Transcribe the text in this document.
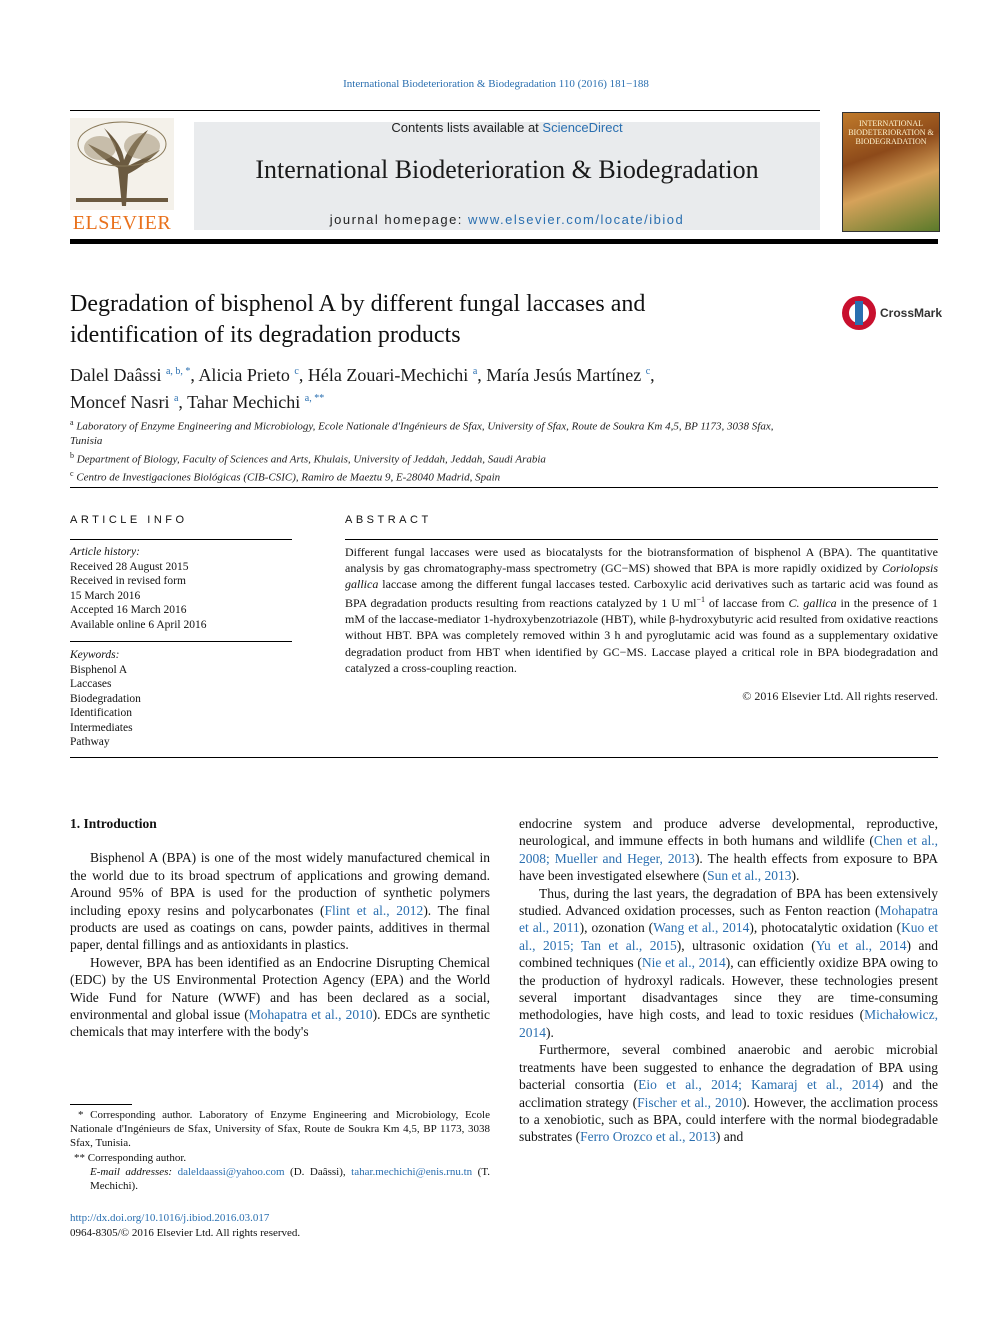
International Biodeterioration & Biodegradation 110 (2016) 181−188
ELSEVIER
Contents lists available at ScienceDirect
International Biodeterioration & Biodegradation
journal homepage: www.elsevier.com/locate/ibiod
INTERNATIONAL BIODETERIORATION & BIODEGRADATION
Degradation of bisphenol A by different fungal laccases and
identification of its degradation products
CrossMark
Dalel Daâssi $^{a, b, *}$, Alicia Prieto $^c$, Héla Zouari-Mechichi $^a$, María Jesús Martínez $^c$,
Moncef Nasri $^a$, Tahar Mechichi $^{a, **}$
$^a$ Laboratory of Enzyme Engineering and Microbiology, Ecole Nationale d'Ingénieurs de Sfax, University of Sfax, Route de Soukra Km 4,5, BP 1173, 3038 Sfax,
Tunisia
$^b$ Department of Biology, Faculty of Sciences and Arts, Khulais, University of Jeddah, Jeddah, Saudi Arabia
$^c$ Centro de Investigaciones Biológicas (CIB-CSIC), Ramiro de Maeztu 9, E-28040 Madrid, Spain
ARTICLE INFO
Article history:
Received 28 August 2015
Received in revised form
15 March 2016
Accepted 16 March 2016
Available online 6 April 2016
Keywords:
Bisphenol A
Laccases
Biodegradation
Identification
Intermediates
Pathway
ABSTRACT
Different fungal laccases were used as biocatalysts for the biotransformation of bisphenol A (BPA). The quantitative analysis by gas chromatography-mass spectrometry (GC−MS) showed that BPA is more rapidly oxidized by Coriolopsis gallica laccase among the different fungal laccases tested. Carboxylic acid derivatives such as tartaric acid was found as BPA degradation products resulting from reactions catalyzed by 1 U $ml^{-1}$ of laccase from C. gallica in the presence of 1 mM of the laccase-mediator 1-hydroxybenzotriazole (HBT), while β-hydroxybutyric acid resulted from oxidative reactions without HBT. BPA was completely removed within 3 h and pyroglutamic acid was found as a supplementary oxidative degradation product from HBT when identified by GC−MS. Laccase played a critical role in BPA biodegradation and catalyzed a cross-coupling reaction.
© 2016 Elsevier Ltd. All rights reserved.
1. Introduction

Bisphenol A (BPA) is one of the most widely manufactured chemical in the world due to its broad spectrum of applications and growing demand. Around 95% of BPA is used for the production of synthetic polymers including epoxy resins and polycarbonates (Flint et al., 2012). The final products are used as coatings on cans, powder paints, additives in thermal paper, dental fillings and as antioxidants in plastics.

However, BPA has been identified as an Endocrine Disrupting Chemical (EDC) by the US Environmental Protection Agency (EPA) and the World Wide Fund for Nature (WWF) and has been declared as a social, environmental and global issue (Mohapatra et al., 2010). EDCs are synthetic chemicals that may interfere with the body's

endocrine system and produce adverse developmental, reproductive, neurological, and immune effects in both humans and wildlife (Chen et al., 2008; Mueller and Heger, 2013). The health effects from exposure to BPA have been investigated elsewhere (Sun et al., 2013).

Thus, during the last years, the degradation of BPA has been extensively studied. Advanced oxidation processes, such as Fenton reaction (Mohapatra et al., 2011), ozonation (Wang et al., 2014), photocatalytic oxidation (Kuo et al., 2015; Tan et al., 2015), ultrasonic oxidation (Yu et al., 2014) and combined techniques (Nie et al., 2014), can efficiently oxidize BPA owing to the production of hydroxyl radicals. However, these technologies present several important disadvantages since they are time-consuming methodologies, have high costs, and lead to toxic residues (Michałowicz, 2014).

Furthermore, several combined anaerobic and aerobic microbial treatments have been suggested to enhance the degradation of BPA using bacterial consortia (Eio et al., 2014; Kamaraj et al., 2014) and the acclimation strategy (Fischer et al., 2010). However, the acclimation process to a xenobiotic, such as BPA, could interfere with the normal biodegradable substrates (Ferro Orozco et al., 2013) and

* Corresponding author. Laboratory of Enzyme Engineering and Microbiology, Ecole Nationale d'Ingénieurs de Sfax, University of Sfax, Route de Soukra Km 4,5, BP 1173, 3038 Sfax, Tunisia.
** Corresponding author.
E-mail addresses: daleldaassi@yahoo.com (D. Daâssi), tahar.mechichi@enis.rnu.tn (T. Mechichi).
http://dx.doi.org/10.1016/j.ibiod.2016.03.017
0964-8305/© 2016 Elsevier Ltd. All rights reserved.
